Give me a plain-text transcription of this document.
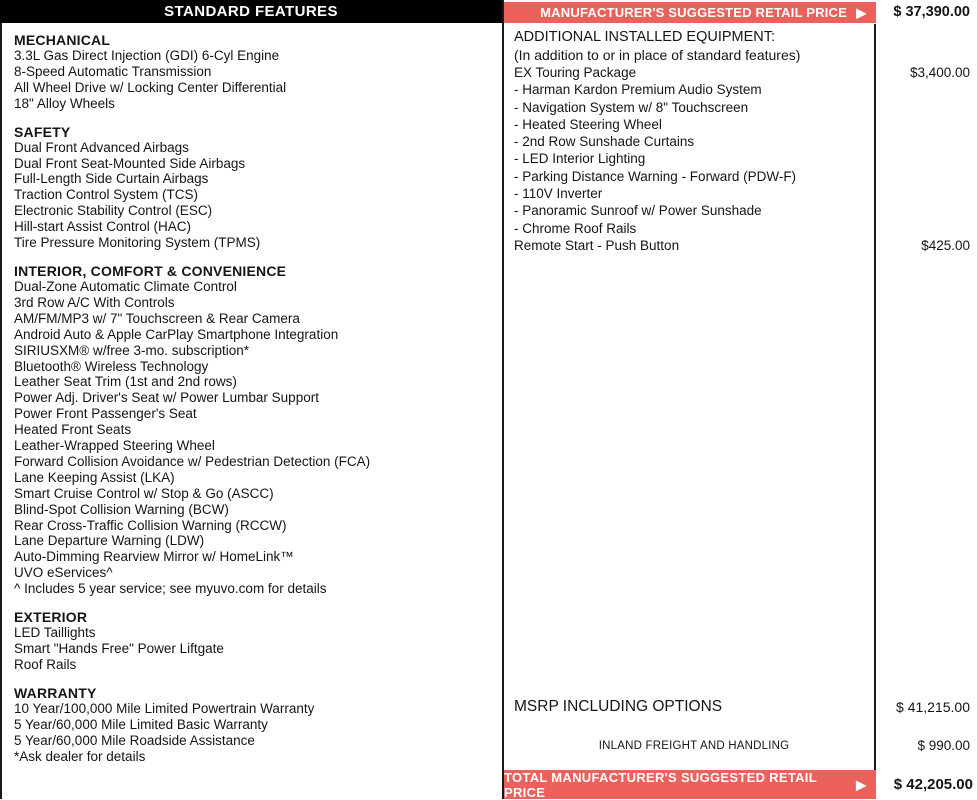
STANDARD FEATURES
MECHANICAL
3.3L Gas Direct Injection (GDI) 6-Cyl Engine
8-Speed Automatic Transmission
All Wheel Drive w/ Locking Center Differential
18" Alloy Wheels
SAFETY
Dual Front Advanced Airbags
Dual Front Seat-Mounted Side Airbags
Full-Length Side Curtain Airbags
Traction Control System (TCS)
Electronic Stability Control (ESC)
Hill-start Assist Control (HAC)
Tire Pressure Monitoring System (TPMS)
INTERIOR, COMFORT & CONVENIENCE
Dual-Zone Automatic Climate Control
3rd Row A/C With Controls
AM/FM/MP3 w/ 7" Touchscreen & Rear Camera
Android Auto & Apple CarPlay Smartphone Integration
SIRIUSXM® w/free 3-mo. subscription*
Bluetooth® Wireless Technology
Leather Seat Trim (1st and 2nd rows)
Power Adj. Driver's Seat w/ Power Lumbar Support
Power Front Passenger's Seat
Heated Front Seats
Leather-Wrapped Steering Wheel
Forward Collision Avoidance w/ Pedestrian Detection (FCA)
Lane Keeping Assist (LKA)
Smart Cruise Control w/ Stop & Go (ASCC)
Blind-Spot Collision Warning (BCW)
Rear Cross-Traffic Collision Warning (RCCW)
Lane Departure Warning (LDW)
Auto-Dimming Rearview Mirror w/ HomeLink™
UVO eServices^
^ Includes 5 year service; see myuvo.com for details
EXTERIOR
LED Taillights
Smart "Hands Free" Power Liftgate
Roof Rails
WARRANTY
10 Year/100,000 Mile Limited Powertrain Warranty
5 Year/60,000 Mile Limited Basic Warranty
5 Year/60,000 Mile Roadside Assistance
*Ask dealer for details
MANUFACTURER'S SUGGESTED RETAIL PRICE ▶	$ 37,390.00
ADDITIONAL INSTALLED EQUIPMENT:
(In addition to or in place of standard features)
EX Touring Package	$3,400.00
- Harman Kardon Premium Audio System
- Navigation System w/ 8" Touchscreen
- Heated Steering Wheel
- 2nd Row Sunshade Curtains
- LED Interior Lighting
- Parking Distance Warning - Forward (PDW-F)
- 110V Inverter
- Panoramic Sunroof w/ Power Sunshade
- Chrome Roof Rails
Remote Start - Push Button	$425.00
MSRP INCLUDING OPTIONS	$ 41,215.00
INLAND FREIGHT AND HANDLING	$ 990.00
TOTAL MANUFACTURER'S SUGGESTED RETAIL PRICE	▶	$ 42,205.00
